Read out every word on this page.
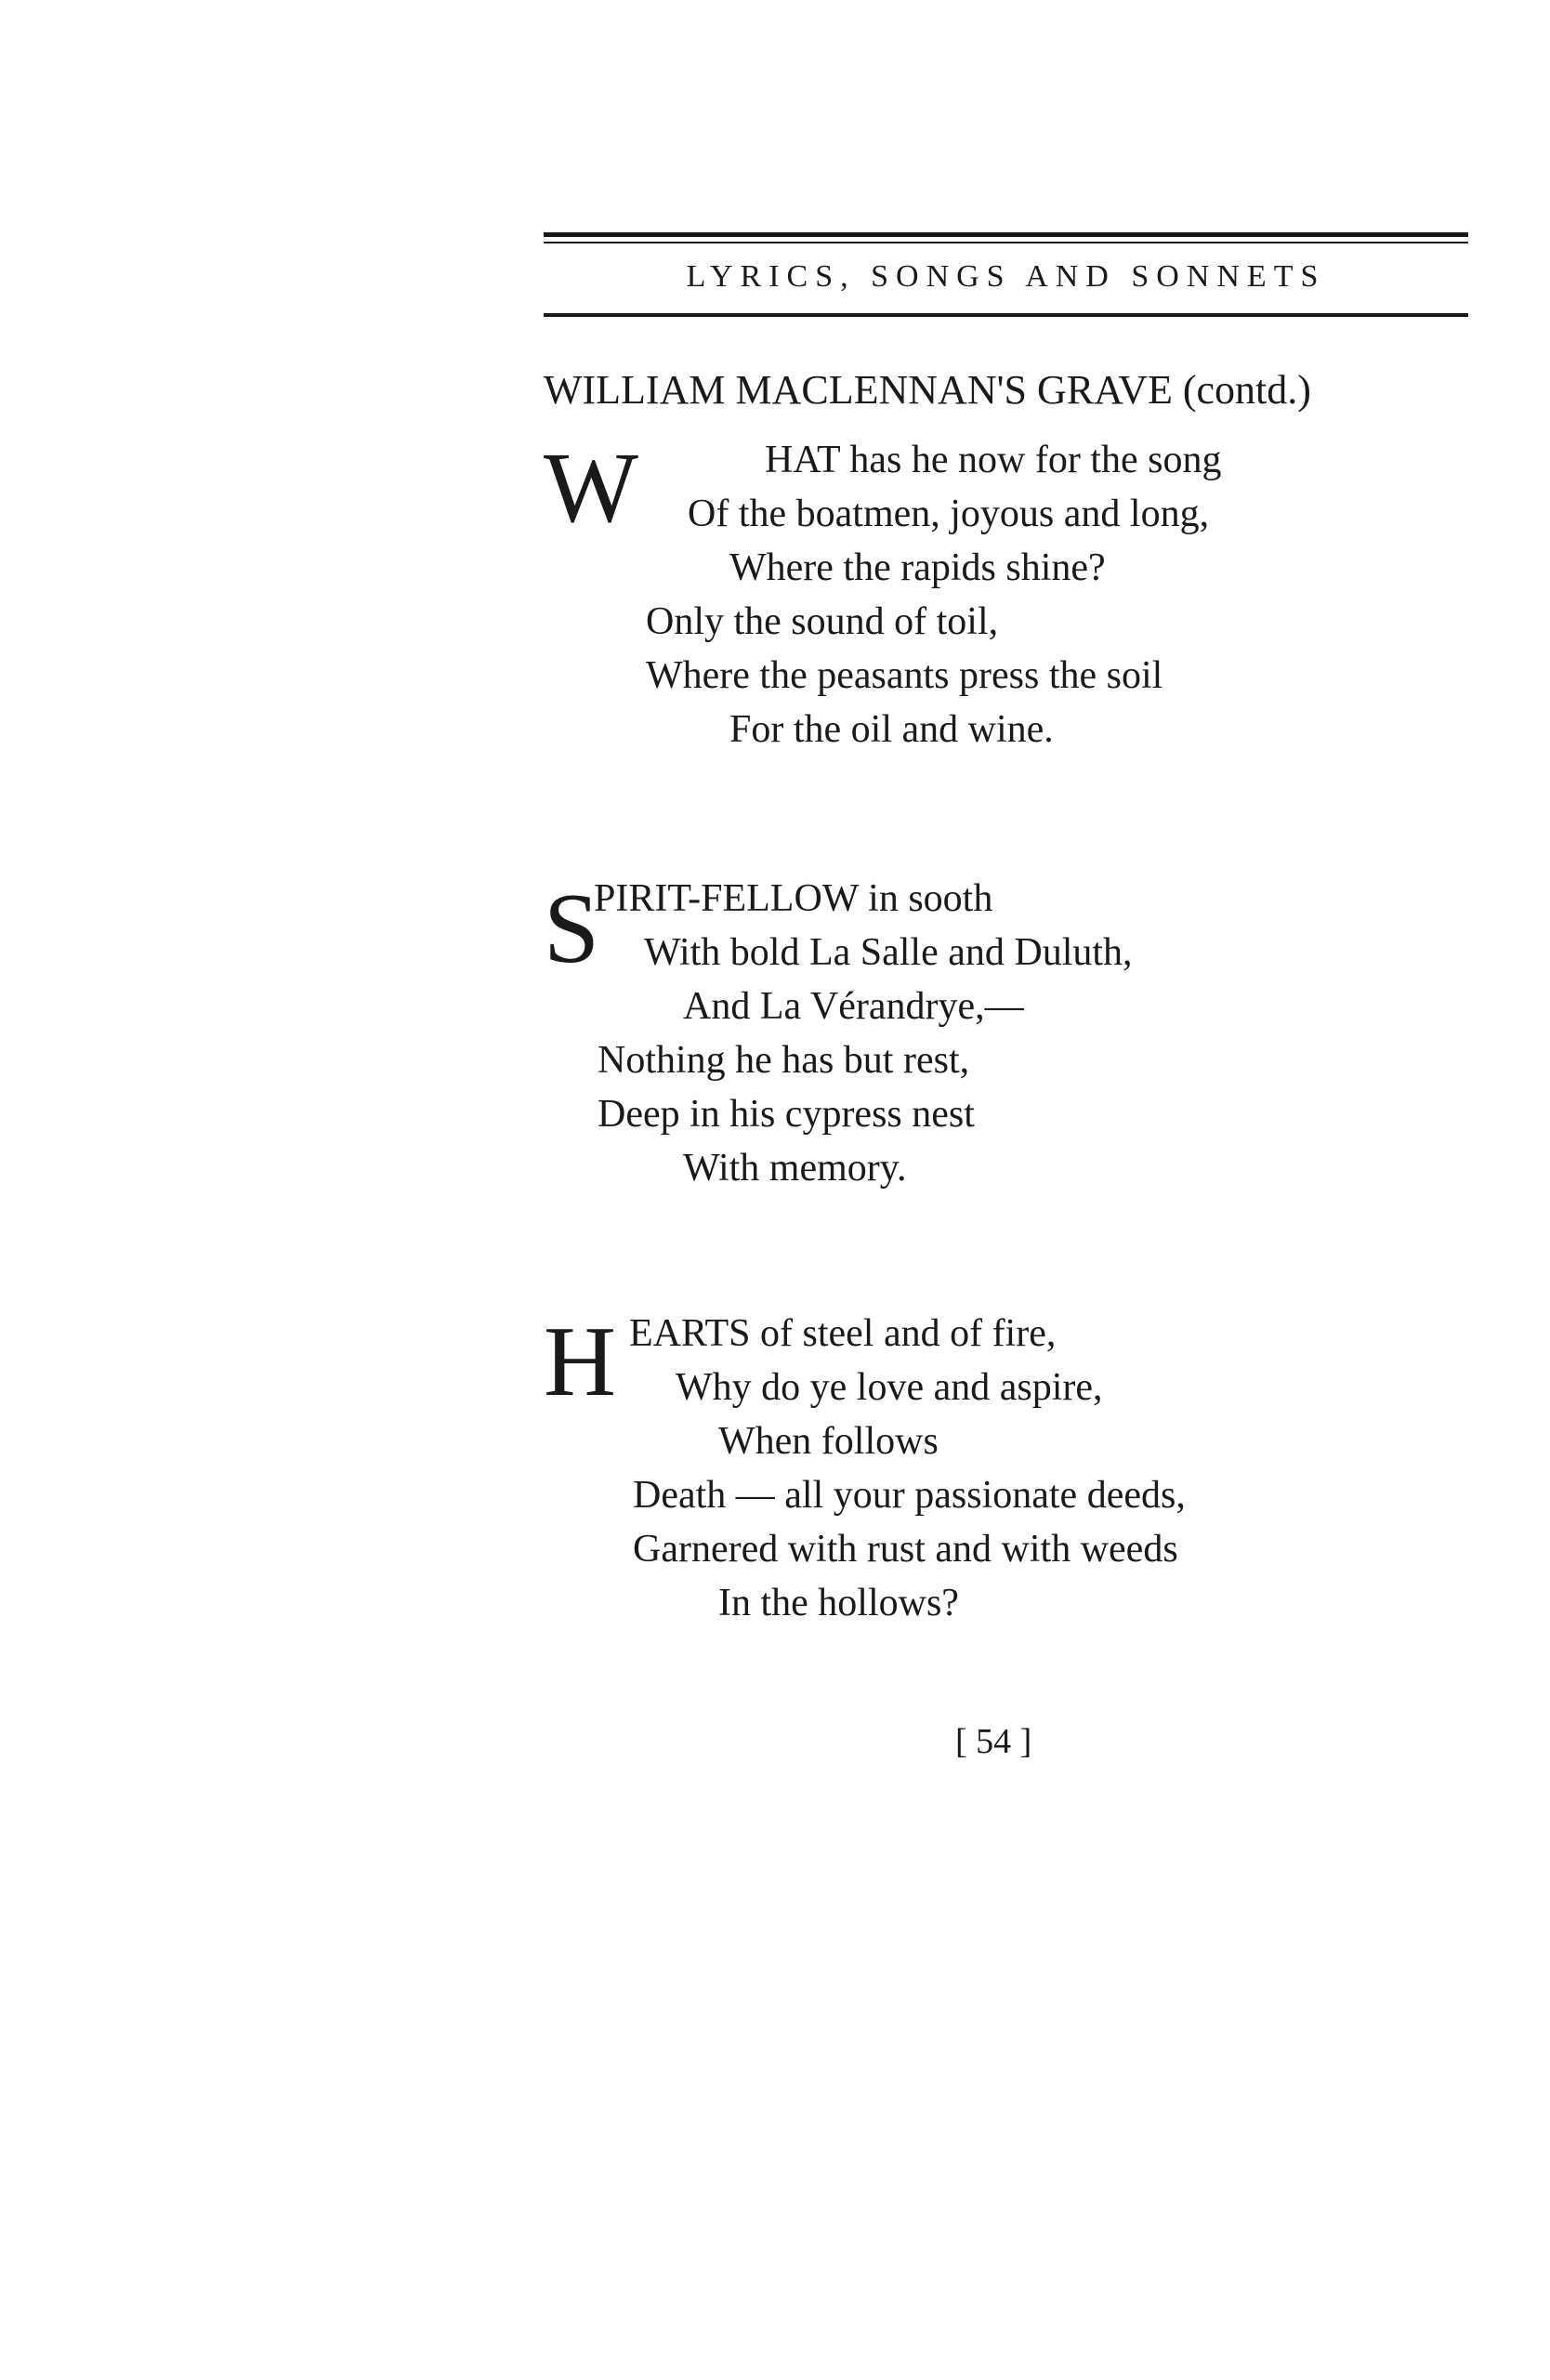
LYRICS, SONGS AND SONNETS
WILLIAM MACLENNAN'S GRAVE (contd.)
W	HAT has he now for the song
Of the boatmen, joyous and long,
Where the rapids shine?
Only the sound of toil,
Where the peasants press the soil
For the oil and wine.
S
PIRIT-FELLOW in sooth
With bold La Salle and Duluth,
And La Vérandrye,—
Nothing he has but rest,
Deep in his cypress nest
With memory.
H EARTS of steel and of fire,
Why do ye love and aspire,
When follows
Death — all your passionate deeds,
Garnered with rust and with weeds
In the hollows?
[ 54 ]
